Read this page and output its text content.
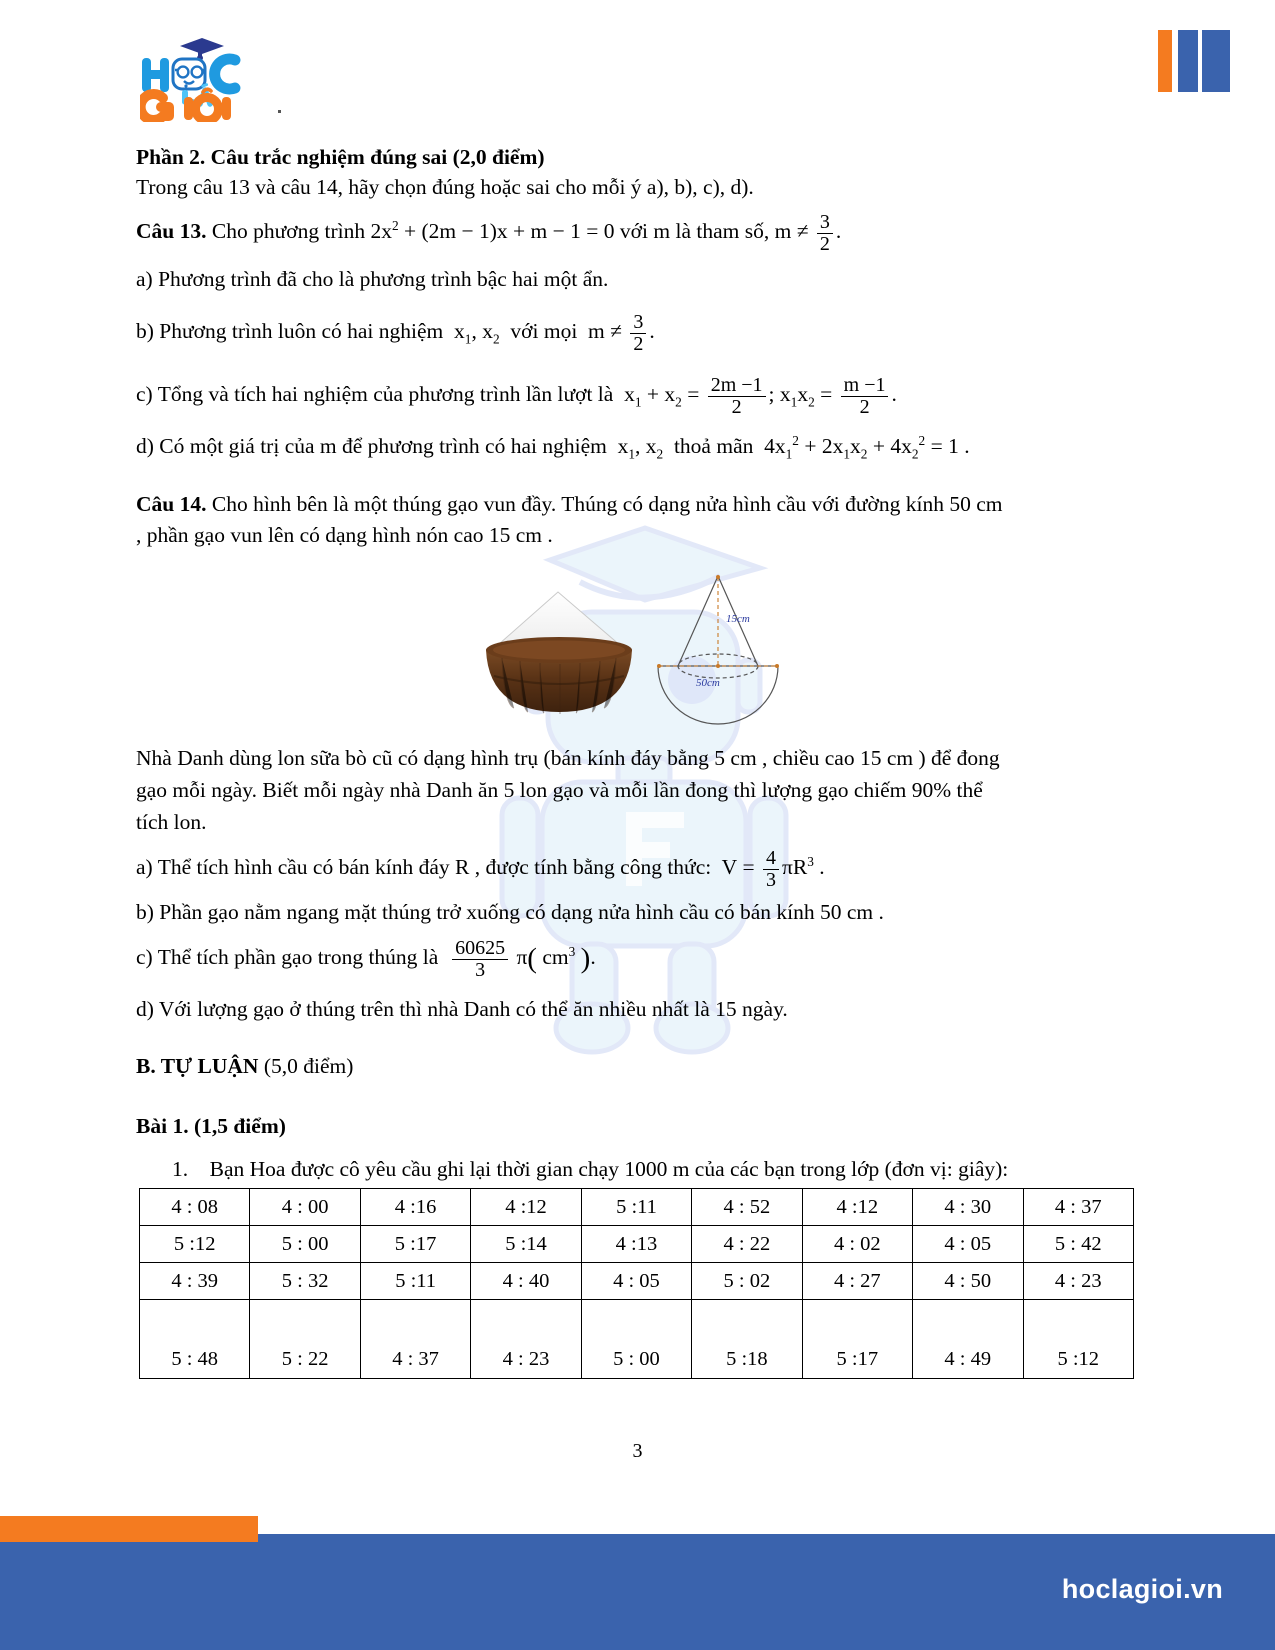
Phần 2. Câu trắc nghiệm đúng sai (2,0 điểm)
Trong câu 13 và câu 14, hãy chọn đúng hoặc sai cho mỗi ý a), b), c), d).
Câu 13. Cho phương trình $2x^2 + (2m - 1)x + m - 1 = 0$ với m là tham số, $m \ne \frac{3}{2}$ .
a) Phương trình đã cho là phương trình bậc hai một ẩn.
b) Phương trình luôn có hai nghiệm  $x_1$, $x_2$  với mọi  $m \ne \frac{3}{2}$ .
c) Tổng và tích hai nghiệm của phương trình lần lượt là  $x_1 + x_2 = \frac{2m -1}{2}$ ; $x_1x_2 = \frac{m -1}{2}$ .
d) Có một giá trị của m để phương trình có hai nghiệm  $x_1$, $x_2$  thoả mãn  $4x_1^2 + 2x_1x_2 + 4x_2^2 = 1$ .
Câu 14. Cho hình bên là một thúng gạo vun đầy. Thúng có dạng nửa hình cầu với đường kính 50 cm
, phần gạo vun lên có dạng hình nón cao 15 cm .
Nhà Danh dùng lon sữa bò cũ có dạng hình trụ (bán kính đáy bằng 5 cm , chiều cao 15 cm ) để đong
gạo mỗi ngày. Biết mỗi ngày nhà Danh ăn 5 lon gạo và mỗi lần đong thì lượng gạo chiếm 90% thể
tích lon.
a) Thể tích hình cầu có bán kính đáy R , được tính bằng công thức:  $V = \frac{4}{3} \pi R^3$ .
b) Phần gạo nằm ngang mặt thúng trở xuống có dạng nửa hình cầu có bán kính 50 cm .
c) Thể tích phần gạo trong thúng là $\frac{60625}{3} \pi$( $cm^3$ ).
d) Với lượng gạo ở thúng trên thì nhà Danh có thể ăn nhiều nhất là 15 ngày.
B. TỰ LUẬN (5,0 điểm)
Bài 1. (1,5 điểm)
1. Bạn Hoa được cô yêu cầu ghi lại thời gian chạy 1000 m của các bạn trong lớp (đơn vị: giây):
15cm
50cm
4 : 08	4 : 00	4 :16	4 :12	5 :11	4 : 52	4 :12	4 : 30	4 : 37
5 :12	5 : 00	5 :17	5 :14	4 :13	4 : 22	4 : 02	4 : 05	5 : 42
4 : 39	5 : 32	5 :11	4 : 40	4 : 05	5 : 02	4 : 27	4 : 50	4 : 23
5 : 48	5 : 22	4 : 37	4 : 23	5 : 00	5 :18	5 :17	4 : 49	5 :12
3
hoclagioi.vn
